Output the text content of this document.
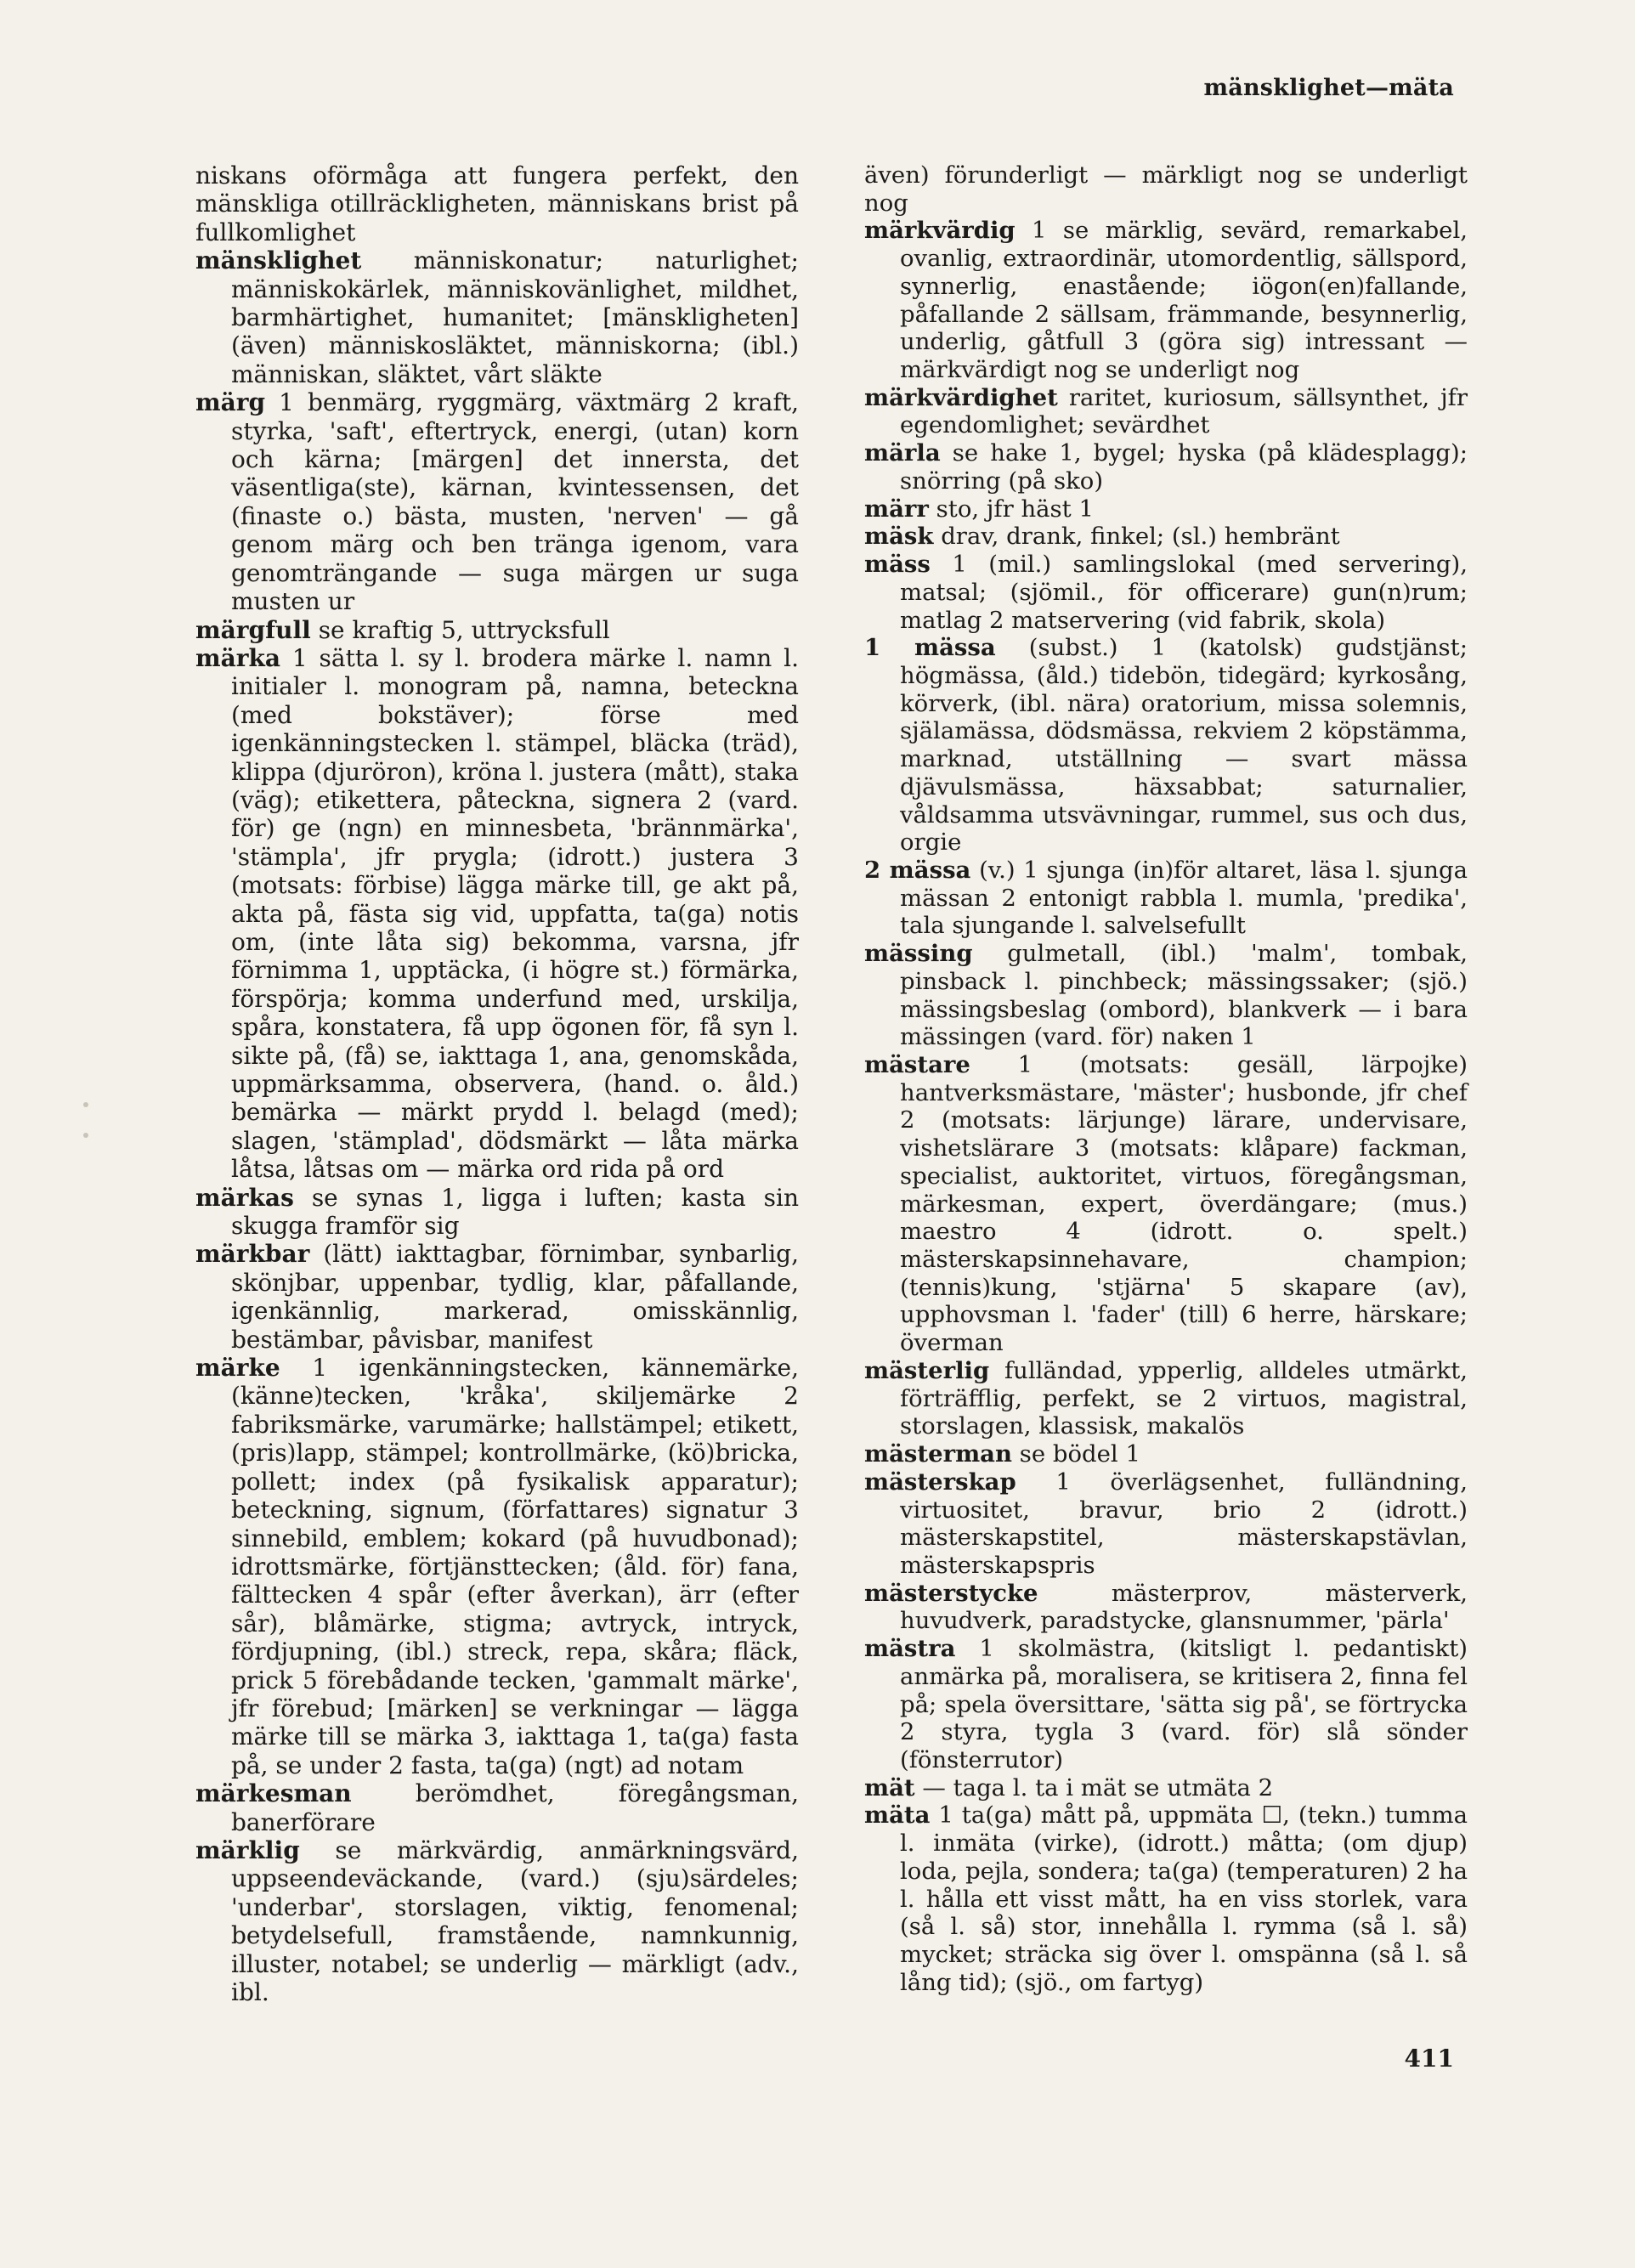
mänsklighet—mäta

niskans oförmåga att fungera perfekt, den mänskliga otillräckligheten, människans brist på fullkomlighet

mänsklighet människonatur; naturlighet; människokärlek, människovänlighet, mildhet, barmhärtighet, humanitet; [mänskligheten] (även) människosläktet, människorna; (ibl.) människan, släktet, vårt släkte

märg 1 benmärg, ryggmärg, växtmärg 2 kraft, styrka, 'saft', eftertryck, energi, (utan) korn och kärna; [märgen] det innersta, det väsentliga(ste), kärnan, kvintessensen, det (finaste o.) bästa, musten, 'nerven' — gå genom märg och ben tränga igenom, vara genomträngande — suga märgen ur suga musten ur

märgfull se kraftig 5, uttrycksfull

märka 1 sätta l. sy l. brodera märke l. namn l. initialer l. monogram på, namna, beteckna (med bokstäver); förse med igenkänningstecken l. stämpel, bläcka (träd), klippa (djuröron), kröna l. justera (mått), staka (väg); etikettera, påteckna, signera 2 (vard. för) ge (ngn) en minnesbeta, 'brännmärka', 'stämpla', jfr prygla; (idrott.) justera 3 (motsats: förbise) lägga märke till, ge akt på, akta på, fästa sig vid, uppfatta, ta(ga) notis om, (inte låta sig) bekomma, varsna, jfr förnimma 1, upptäcka, (i högre st.) förmärka, förspörja; komma underfund med, urskilja, spåra, konstatera, få upp ögonen för, få syn l. sikte på, (få) se, iakttaga 1, ana, genomskåda, uppmärksamma, observera, (hand. o. åld.) bemärka — märkt prydd l. belagd (med); slagen, 'stämplad', dödsmärkt — låta märka låtsa, låtsas om — märka ord rida på ord

märkas se synas 1, ligga i luften; kasta sin skugga framför sig

märkbar (lätt) iakttagbar, förnimbar, synbarlig, skönjbar, uppenbar, tydlig, klar, påfallande, igenkännlig, markerad, omisskännlig, bestämbar, påvisbar, manifest

märke 1 igenkänningstecken, kännemärke, (känne)tecken, 'kråka', skiljemärke 2 fabriksmärke, varumärke; hallstämpel; etikett, (pris)lapp, stämpel; kontrollmärke, (kö)bricka, pollett; index (på fysikalisk apparatur); beteckning, signum, (författares) signatur 3 sinnebild, emblem; kokard (på huvudbonad); idrottsmärke, förtjänsttecken; (åld. för) fana, fälttecken 4 spår (efter åverkan), ärr (efter sår), blåmärke, stigma; avtryck, intryck, fördjupning, (ibl.) streck, repa, skåra; fläck, prick 5 förebådande tecken, 'gammalt märke', jfr förebud; [märken] se verkningar — lägga märke till se märka 3, iakttaga 1, ta(ga) fasta på, se under 2 fasta, ta(ga) (ngt) ad notam

märkesman	berömdhet, föregångsman, banerförare

märklig se märkvärdig, anmärkningsvärd, uppseendeväckande, (vard.) (sju)särdeles; 'underbar', storslagen, viktig, fenomenal; betydelsefull, framstående, namnkunnig, illuster, notabel; se underlig — märkligt (adv., ibl.

även) förunderligt — märkligt nog se underligt nog

märkvärdig 1 se märklig, sevärd, remarkabel, ovanlig, extraordinär, utomordentlig, sällspord, synnerlig, enastående; iögon(en)fallande, påfallande 2 sällsam, främmande, besynnerlig, underlig, gåtfull 3 (göra sig) intressant — märkvärdigt nog se underligt nog

märkvärdighet raritet, kuriosum, sällsynthet, jfr egendomlighet; sevärdhet

märla se hake 1, bygel; hyska (på klädesplagg); snörring (på sko)

märr sto, jfr häst 1

mäsk drav, drank, finkel; (sl.) hembränt

mäss 1 (mil.) samlingslokal (med servering), matsal; (sjömil., för officerare) gun(n)rum; matlag 2 matservering (vid fabrik, skola)

1 mässa (subst.) 1 (katolsk) gudstjänst; högmässa, (åld.) tidebön, tidegärd; kyrkosång, körverk, (ibl. nära) oratorium, missa solemnis, själamässa, dödsmässa, rekviem 2 köpstämma, marknad, utställning — svart mässa djävulsmässa, häxsabbat; saturnalier, våldsamma utsvävningar, rummel, sus och dus, orgie

2 mässa (v.) 1 sjunga (in)för altaret, läsa l. sjunga mässan 2 entonigt rabbla l. mumla, 'predika', tala sjungande l. salvelsefullt

mässing gulmetall, (ibl.) 'malm', tombak, pinsback l. pinchbeck; mässingssaker; (sjö.) mässingsbeslag (ombord), blankverk — i bara mässingen (vard. för) naken 1

mästare 1 (motsats: gesäll, lärpojke) hantverksmästare, 'mäster'; husbonde, jfr chef 2 (motsats: lärjunge) lärare, undervisare, vishetslärare 3 (motsats: klåpare) fackman, specialist, auktoritet, virtuos, föregångsman, märkesman, expert, överdängare; (mus.) maestro 4 (idrott. o. spelt.) mästerskapsinnehavare, champion; (tennis)kung, 'stjärna' 5 skapare (av), upphovsman l. 'fader' (till) 6 herre, härskare; överman

mästerlig fulländad, ypperlig, alldeles utmärkt, förträfflig, perfekt, se 2 virtuos, magistral, storslagen, klassisk, makalös

mästerman se bödel 1

mästerskap 1 överlägsenhet, fulländning, virtuositet, bravur, brio 2 (idrott.) mästerskapstitel, mästerskapstävlan, mästerskapspris

mästerstycke	mästerprov, mästerverk, huvudverk, paradstycke, glansnummer, 'pärla'

mästra 1 skolmästra, (kitsligt l. pedantiskt) anmärka på, moralisera, se kritisera 2, finna fel på; spela översittare, 'sätta sig på', se förtrycka 2 styra, tygla 3 (vard. för) slå sönder (fönsterrutor)

mät — taga l. ta i mät se utmäta 2

mäta 1 ta(ga) mått på, uppmäta ☐, (tekn.) tumma l. inmäta (virke), (idrott.) måtta; (om djup) loda, pejla, sondera; ta(ga) (temperaturen) 2 ha l. hålla ett visst mått, ha en viss storlek, vara (så l. så) stor, innehålla l. rymma (så l. så) mycket; sträcka sig över l. omspänna (så l. så lång tid); (sjö., om fartyg)

411
